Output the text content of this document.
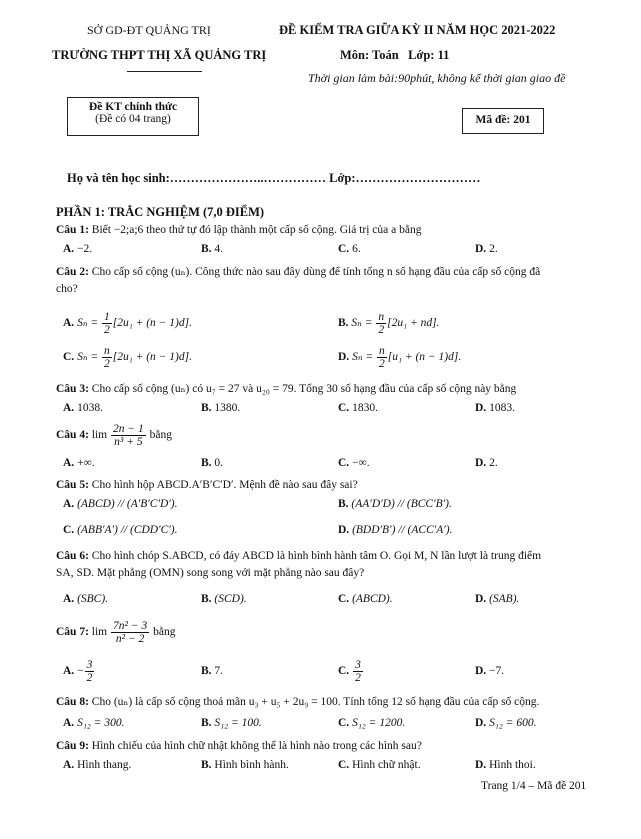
SỞ GD-ĐT QUẢNG TRỊ
TRƯỜNG THPT THỊ XÃ QUẢNG TRỊ
ĐỀ KIỂM TRA GIỮA KỲ II NĂM HỌC 2021-2022
Môn: Toán   Lớp: 11
Thời gian làm bài:90phút, không kể thời gian giao đề
Đề KT chính thức
(Đề có 04 trang)	Mã đề: 201
Họ và tên học sinh:…………………..…………… Lớp:…………………………
PHẦN 1: TRẮC NGHIỆM (7,0 ĐIỂM)
Câu 1: Biết −2;a;6 theo thứ tự đó lập thành một cấp số cộng. Giá trị của a bằng
A. −2.	B. 4.	C. 6.	D. 2.
Câu 2: Cho cấp số cộng (uₙ). Công thức nào sau đây dùng để tính tổng n số hạng đầu của cấp số cộng đã
cho?
A. $S_n = \frac{1}{2} [2u_1 + (n - 1)d]$.	B. $S_n = \frac{n}{2} [2u_1 + nd]$.
C. $S_n = \frac{n}{2} [2u_1 + (n - 1)d]$.	D. $S_n = \frac{n}{2} [u_1 + (n - 1)d]$.
Câu 3: Cho cấp số cộng (uₙ) có u₇ = 27 và u₂₀ = 79. Tổng 30 số hạng đầu của cấp số cộng này bằng
A. 1038.	B. 1380.	C. 1830.	D. 1083.
Câu 4: $\lim \frac{2n - 1}{\text{n³ + 5}}$ bằng
A. +∞.	B. 0.	C. −∞.	D. 2.
Câu 5: Cho hình hộp ABCD.A′B′C′D′. Mệnh đề nào sau đây sai?
A. (ABCD) // (A′B′C′D′).	B. (AA′D′D) // (BCC′B′).
C. (ABB′A′) // (CDD′C′).	D. (BDD′B′) // (ACC′A′).
Câu 6: Cho hình chóp S.ABCD, có đáy ABCD là hình bình hành tâm O. Gọi M, N lần lượt là trung điểm
SA, SD. Mặt phẳng (OMN) song song với mặt phẳng nào sau đây?
A. (SBC).	B. (SCD).	C. (ABCD).	D. (SAB).
Câu 7: $\lim \frac{\text{7n² − 3}}{\text{n² − 2}}$ bằng
A. − $\frac{3}{2}$	B. 7.	C. $\frac{3}{2}$	D. −7.
Câu 8: Cho (uₙ) là cấp số cộng thoả mãn u₃ + u₅ + 2u₉ = 100. Tính tổng 12 số hạng đầu của cấp số cộng.
A. S₁₂ = 300.	B. S₁₂ = 100.	C. S₁₂ = 1200.	D. S₁₂ = 600.
Câu 9: Hình chiếu của hình chữ nhật không thể là hình nào trong các hình sau?
A. Hình thang.	B. Hình bình hành.	C. Hình chữ nhật.	D. Hình thoi.
Trang 1/4 – Mã đề 201
